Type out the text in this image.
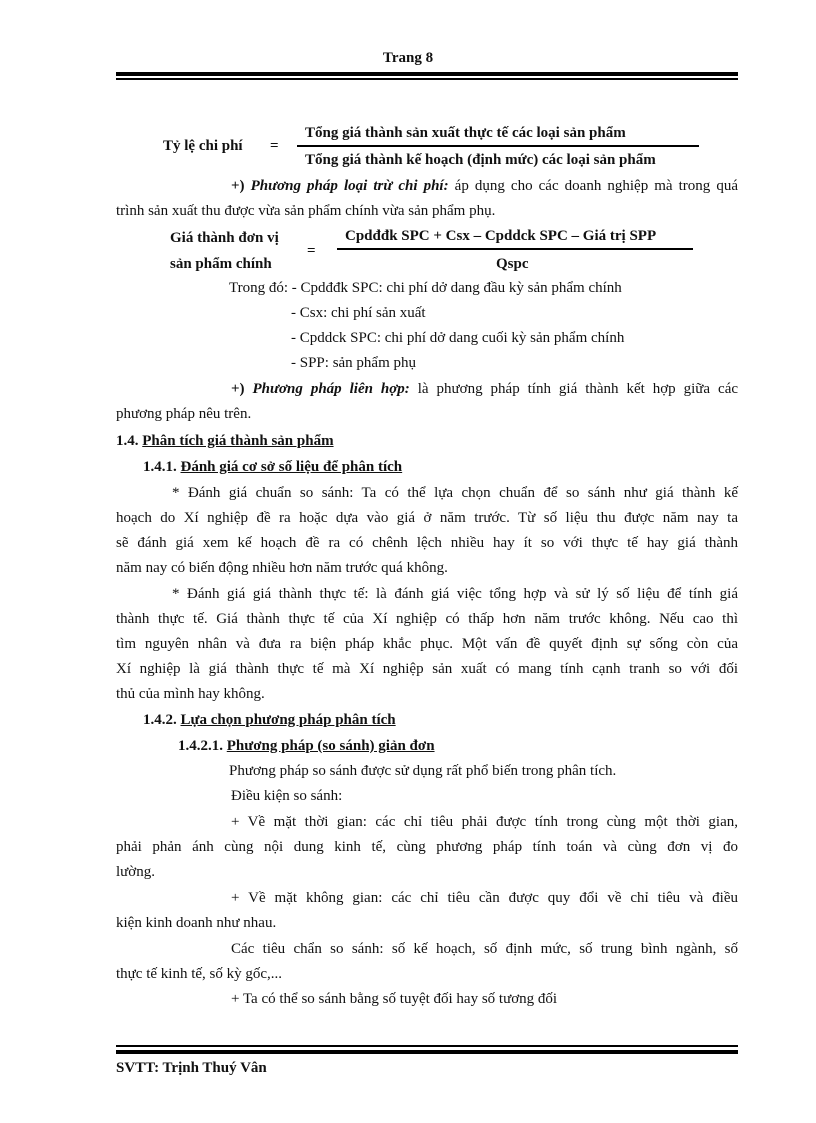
Trang 8
Tỷ lệ chi phí =
Tổng giá thành sản xuất thực tế các loại sản phẩm
Tổng giá thành kế hoạch (định mức) các loại sản phẩm
+) Phương pháp loại trừ chi phí: áp dụng cho các doanh nghiệp mà trong quá
trình sản xuất thu được vừa sản phẩm chính vừa sản phẩm phụ.
Giá thành đơn vị
sản phẩm chính
=
Cpdđđk SPC + Csx – Cpddck SPC – Giá trị SPP
Qspc
Trong đó: - Cpdđđk SPC: chi phí dở dang đầu kỳ sản phẩm chính
- Csx: chi phí sản xuất
- Cpddck SPC: chi phí dở dang cuối kỳ sản phẩm chính
- SPP: sản phẩm phụ
+) Phương pháp liên hợp: là phương pháp tính giá thành kết hợp giữa các
phương pháp nêu trên.
1.4. Phân tích giá thành sản phẩm
1.4.1. Đánh giá cơ sở số liệu để phân tích
* Đánh giá chuẩn so sánh: Ta có thể lựa chọn chuẩn để so sánh như giá thành kế
hoạch do Xí nghiệp đề ra hoặc dựa vào giá ở năm trước. Từ số liệu thu được năm nay ta
sẽ đánh giá xem kế hoạch đề ra có chênh lệch nhiều hay ít so với thực tế hay giá thành
năm nay có biến động nhiều hơn năm trước quá không.
* Đánh giá giá thành thực tế: là đánh giá việc tổng hợp và sử lý số liệu để tính giá
thành thực tế. Giá thành thực tế của Xí nghiệp có thấp hơn năm trước không. Nếu cao thì
tìm nguyên nhân và đưa ra biện pháp khắc phục. Một vấn đề quyết định sự sống còn của
Xí nghiệp là giá thành thực tế mà Xí nghiệp sản xuất có mang tính cạnh tranh so với đối
thủ của mình hay không.
1.4.2. Lựa chọn phương pháp phân tích
1.4.2.1. Phương pháp (so sánh) giản đơn
Phương pháp so sánh được sử dụng rất phổ biến trong phân tích.
Điều kiện so sánh:
+ Về mặt thời gian: các chỉ tiêu phải được tính trong cùng một thời gian,
phải phản ánh cùng nội dung kinh tế, cùng phương pháp tính toán và cùng đơn vị đo
lường.
+ Về mặt không gian: các chỉ tiêu cần được quy đổi về chỉ tiêu và điều
kiện kinh doanh như nhau.
Các tiêu chẩn so sánh: số kế hoạch, số định mức, số trung bình ngành, số
thực tế kinh tế, số kỳ gốc,...
+ Ta có thể so sánh bằng số tuyệt đối hay số tương đối
SVTT: Trịnh Thuý Vân
